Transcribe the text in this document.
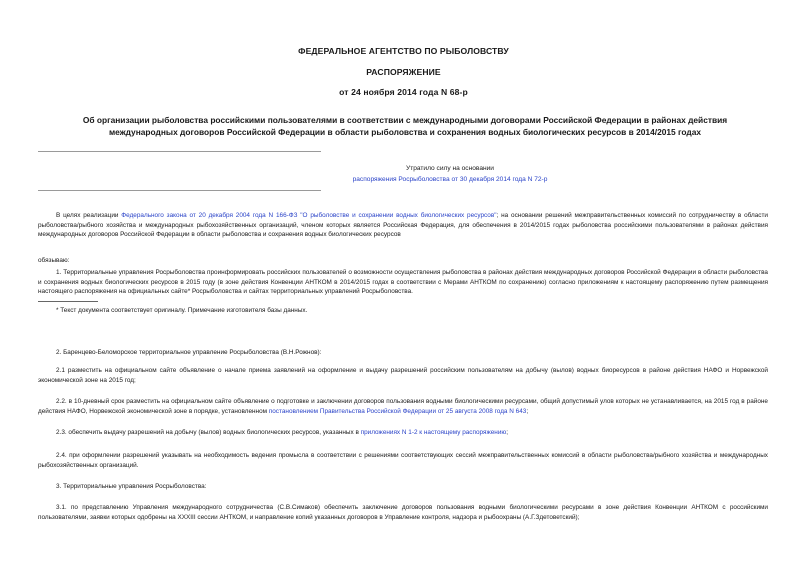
ФЕДЕРАЛЬНОЕ АГЕНТСТВО ПО РЫБОЛОВСТВУ
РАСПОРЯЖЕНИЕ
от 24 ноября 2014 года N 68-р
Об организации рыболовства российскими пользователями в соответствии с международными договорами Российской Федерации в районах действия
международных договоров Российской Федерации в области рыболовства и сохранения водных биологических ресурсов в 2014/2015 годах
Утратило силу на основании
распоряжения Росрыболовства от 30 декабря 2014 года N 72-р
В целях реализации Федерального закона от 20 декабря 2004 года N 166-ФЗ "О рыболовстве и сохранении водных биологических ресурсов"; на основании решений межправительственных комиссий по сотрудничеству в области рыболовства/рыбного хозяйства и международных рыбохозяйственных организаций, членом которых является Российская Федерация, для обеспечения в 2014/2015 годах рыболовства российскими пользователями в районах действия международных договоров Российской Федерации в области рыболовства и сохранения водных биологических ресурсов
обязываю:
1. Территориальные управления Росрыболовства проинформировать российских пользователей о возможности осуществления рыболовства в районах действия международных договоров Российской Федерации в области рыболовства и сохранения водных биологических ресурсов в 2015 году (в зоне действия Конвенции АНТКОМ в 2014/2015 годах в соответствии с Мерами АНТКОМ по сохранению) согласно приложениям к настоящему распоряжению путем размещения настоящего распоряжения на официальных сайте* Росрыболовства и сайтах территориальных управлений Росрыболовства.
* Текст документа соответствует оригиналу. Примечание изготовителя базы данных.
2. Баренцево-Беломорское территориальное управление Росрыболовства (В.Н.Рожнов):
2.1 разместить на официальном сайте объявление о начале приема заявлений на оформление и выдачу разрешений российским пользователям на добычу (вылов) водных биоресурсов в районе действия НАФО и Норвежской экономической зоне на 2015 год;
2.2. в 10-дневный срок разместить на официальном сайте объявление о подготовке и заключении договоров пользования водными биологическими ресурсами, общий допустимый улов которых не устанавливается, на 2015 год в районе действия НАФО, Норвежской экономической зоне в порядке, установленном постановлением Правительства Российской Федерации от 25 августа 2008 года N 643;
2.3. обеспечить выдачу разрешений на добычу (вылов) водных биологических ресурсов, указанных в приложениях N 1-2 к настоящему распоряжению;
2.4. при оформлении разрешений указывать на необходимость ведения промысла в соответствии с решениями соответствующих сессий межправительственных комиссий в области рыболовства/рыбного хозяйства и международных рыбохозяйственных организаций.
3. Территориальные управления Росрыболовства:
3.1. по представлению Управления международного сотрудничества (С.В.Симаков) обеспечить заключение договоров пользования водными биологическими ресурсами в зоне действия Конвенции АНТКОМ с российскими пользователями, заявки которых одобрены на XXXIII сессии АНТКОМ, и направление копий указанных договоров в Управление контроля, надзора и рыбоохраны (А.Г.Здетоветский);
